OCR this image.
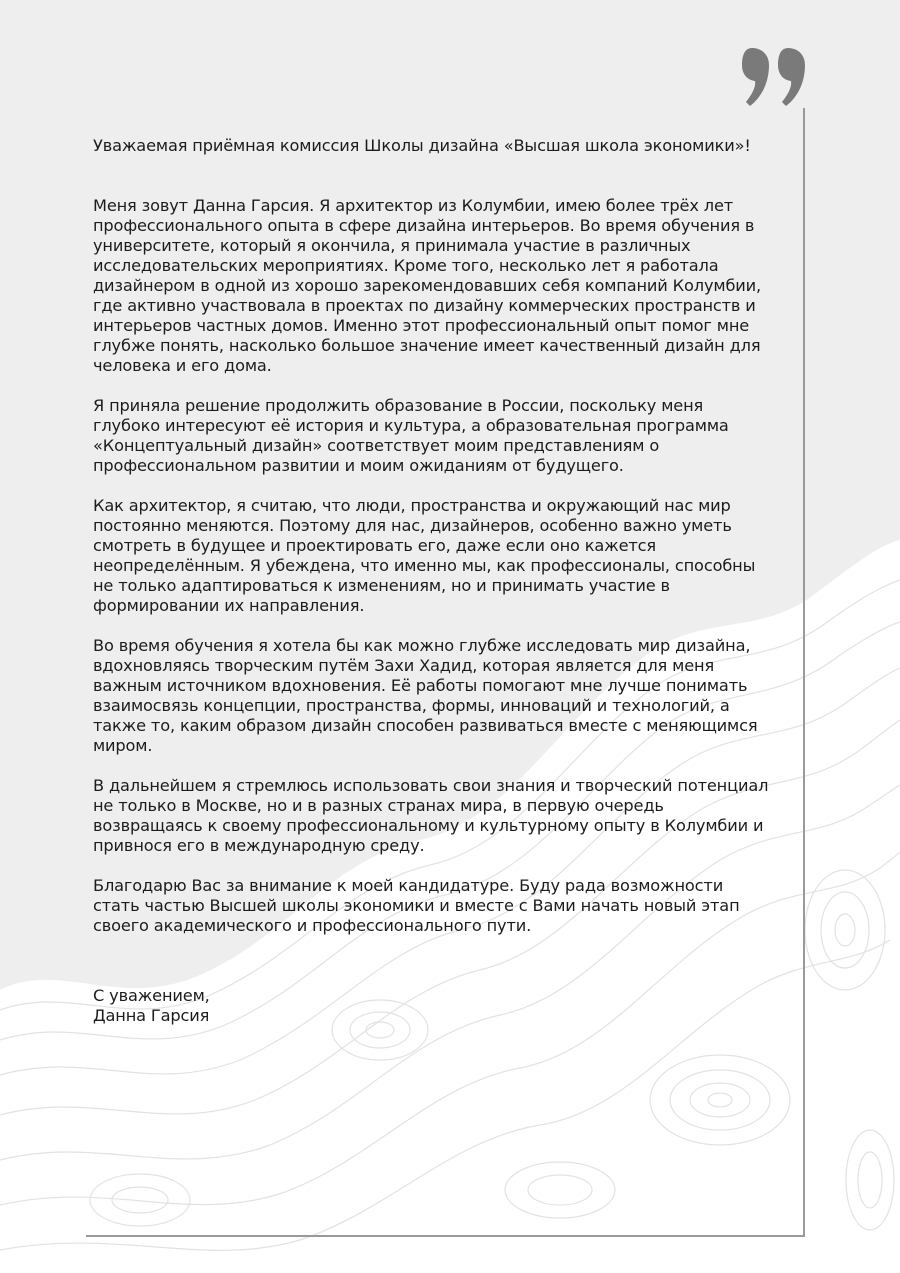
Уважаемая приёмная комиссия Школы дизайна «Высшая школа экономики»!

Меня зовут Данна Гарсия. Я архитектор из Колумбии, имею более трёх лет профессионального опыта в сфере дизайна интерьеров. Во время обучения в университете, который я окончила, я принимала участие в различных исследовательских мероприятиях. Кроме того, несколько лет я работала дизайнером в одной из хорошо зарекомендовавших себя компаний Колумбии, где активно участвовала в проектах по дизайну коммерческих пространств и интерьеров частных домов. Именно этот профессиональный опыт помог мне глубже понять, насколько большое значение имеет качественный дизайн для человека и его дома.

Я приняла решение продолжить образование в России, поскольку меня глубоко интересуют её история и культура, а образовательная программа «Концептуальный дизайн» соответствует моим представлениям о профессиональном развитии и моим ожиданиям от будущего.

Как архитектор, я считаю, что люди, пространства и окружающий нас мир постоянно меняются. Поэтому для нас, дизайнеров, особенно важно уметь смотреть в будущее и проектировать его, даже если оно кажется неопределённым. Я убеждена, что именно мы, как профессионалы, способны не только адаптироваться к изменениям, но и принимать участие в формировании их направления.

Во время обучения я хотела бы как можно глубже исследовать мир дизайна, вдохновляясь творческим путём Захи Хадид, которая является для меня важным источником вдохновения. Её работы помогают мне лучше понимать взаимосвязь концепции, пространства, формы, инноваций и технологий, а также то, каким образом дизайн способен развиваться вместе с меняющимся миром.

В дальнейшем я стремлюсь использовать свои знания и творческий потенциал не только в Москве, но и в разных странах мира, в первую очередь возвращаясь к своему профессиональному и культурному опыту в Колумбии и привнося его в международную среду.

Благодарю Вас за внимание к моей кандидатуре. Буду рада возможности стать частью Высшей школы экономики и вместе с Вами начать новый этап своего академического и профессионального пути.

С уважением,

Данна Гарсия
